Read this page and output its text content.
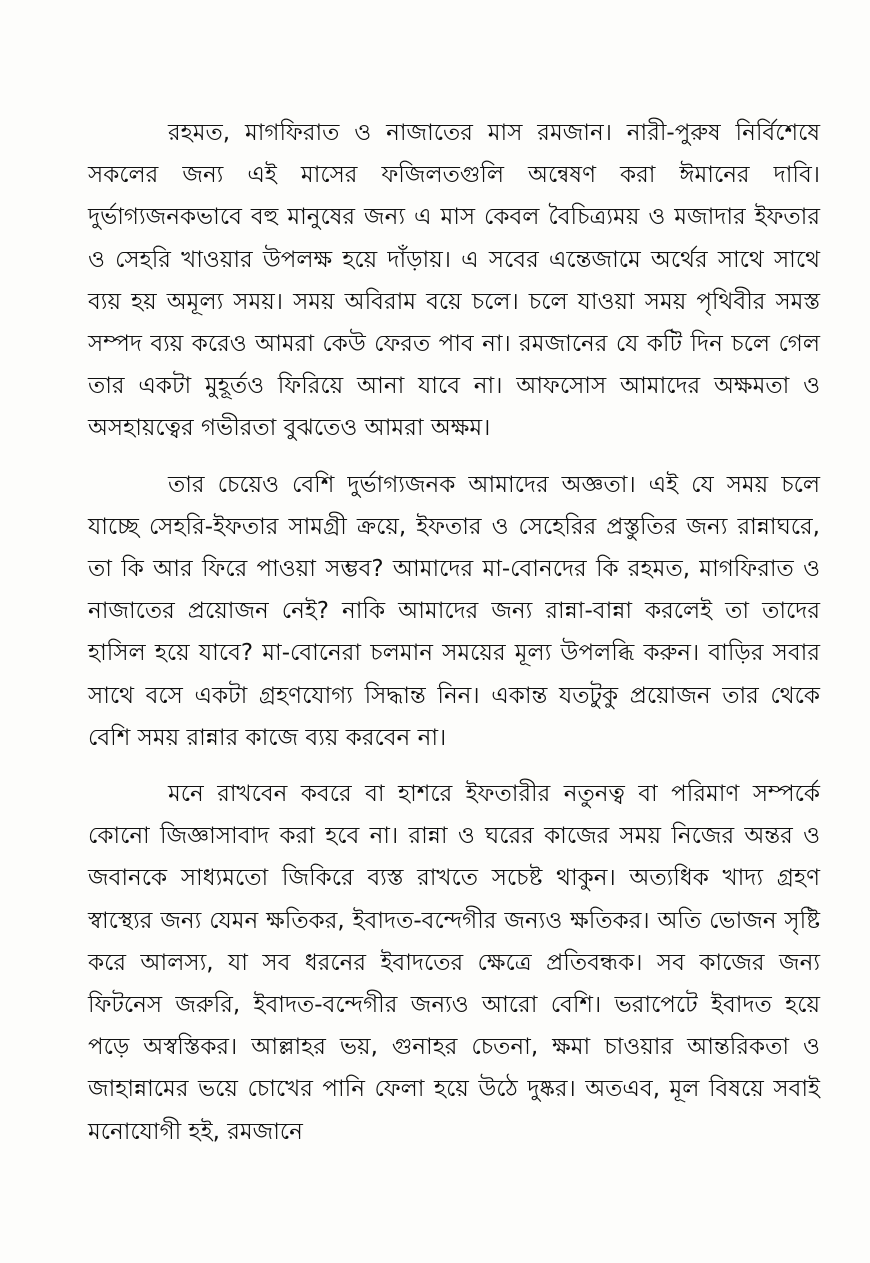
রহমত, মাগফিরাত ও নাজাতের মাস রমজান। নারী-পুরুষ নির্বিশেষে সকলের জন্য এই মাসের ফজিলতগুলি অন্বেষণ করা ঈমানের দাবি। দুর্ভাগ্যজনকভাবে বহু মানুষের জন্য এ মাস কেবল বৈচিত্র্যময় ও মজাদার ইফতার ও সেহরি খাওয়ার উপলক্ষ হয়ে দাঁড়ায়। এ সবের এন্তেজামে অর্থের সাথে সাথে ব্যয় হয় অমূল্য সময়। সময় অবিরাম বয়ে চলে। চলে যাওয়া সময় পৃথিবীর সমস্ত সম্পদ ব্যয় করেও আমরা কেউ ফেরত পাব না। রমজানের যে কটি দিন চলে গেল তার একটা মুহূর্তও ফিরিয়ে আনা যাবে না। আফসোস আমাদের অক্ষমতা ও অসহায়ত্বের গভীরতা বুঝতেও আমরা অক্ষম।

তার চেয়েও বেশি দুর্ভাগ্যজনক আমাদের অজ্ঞতা। এই যে সময় চলে যাচ্ছে সেহরি-ইফতার সামগ্রী ক্রয়ে, ইফতার ও সেহেরির প্রস্তুতির জন্য রান্নাঘরে, তা কি আর ফিরে পাওয়া সম্ভব? আমাদের মা-বোনদের কি রহমত, মাগফিরাত ও নাজাতের প্রয়োজন নেই? নাকি আমাদের জন্য রান্না-বান্না করলেই তা তাদের হাসিল হয়ে যাবে? মা-বোনেরা চলমান সময়ের মূল্য উপলব্ধি করুন। বাড়ির সবার সাথে বসে একটা গ্রহণযোগ্য সিদ্ধান্ত নিন। একান্ত যতটুকু প্রয়োজন তার থেকে বেশি সময় রান্নার কাজে ব্যয় করবেন না।

মনে রাখবেন কবরে বা হাশরে ইফতারীর নতুনত্ব বা পরিমাণ সম্পর্কে কোনো জিজ্ঞাসাবাদ করা হবে না। রান্না ও ঘরের কাজের সময় নিজের অন্তর ও জবানকে সাধ্যমতো জিকিরে ব্যস্ত রাখতে সচেষ্ট থাকুন। অত্যধিক খাদ্য গ্রহণ স্বাস্থ্যের জন্য যেমন ক্ষতিকর, ইবাদত-বন্দেগীর জন্যও ক্ষতিকর। অতি ভোজন সৃষ্টি করে আলস্য, যা সব ধরনের ইবাদতের ক্ষেত্রে প্রতিবন্ধক। সব কাজের জন্য ফিটনেস জরুরি, ইবাদত-বন্দেগীর জন্যও আরো বেশি। ভরাপেটে ইবাদত হয়ে পড়ে অস্বস্তিকর। আল্লাহর ভয়, গুনাহর চেতনা, ক্ষমা চাওয়ার আন্তরিকতা ও জাহান্নামের ভয়ে চোখের পানি ফেলা হয়ে উঠে দুষ্কর। অতএব, মূল বিষয়ে সবাই মনোযোগী হই, রমজানে
